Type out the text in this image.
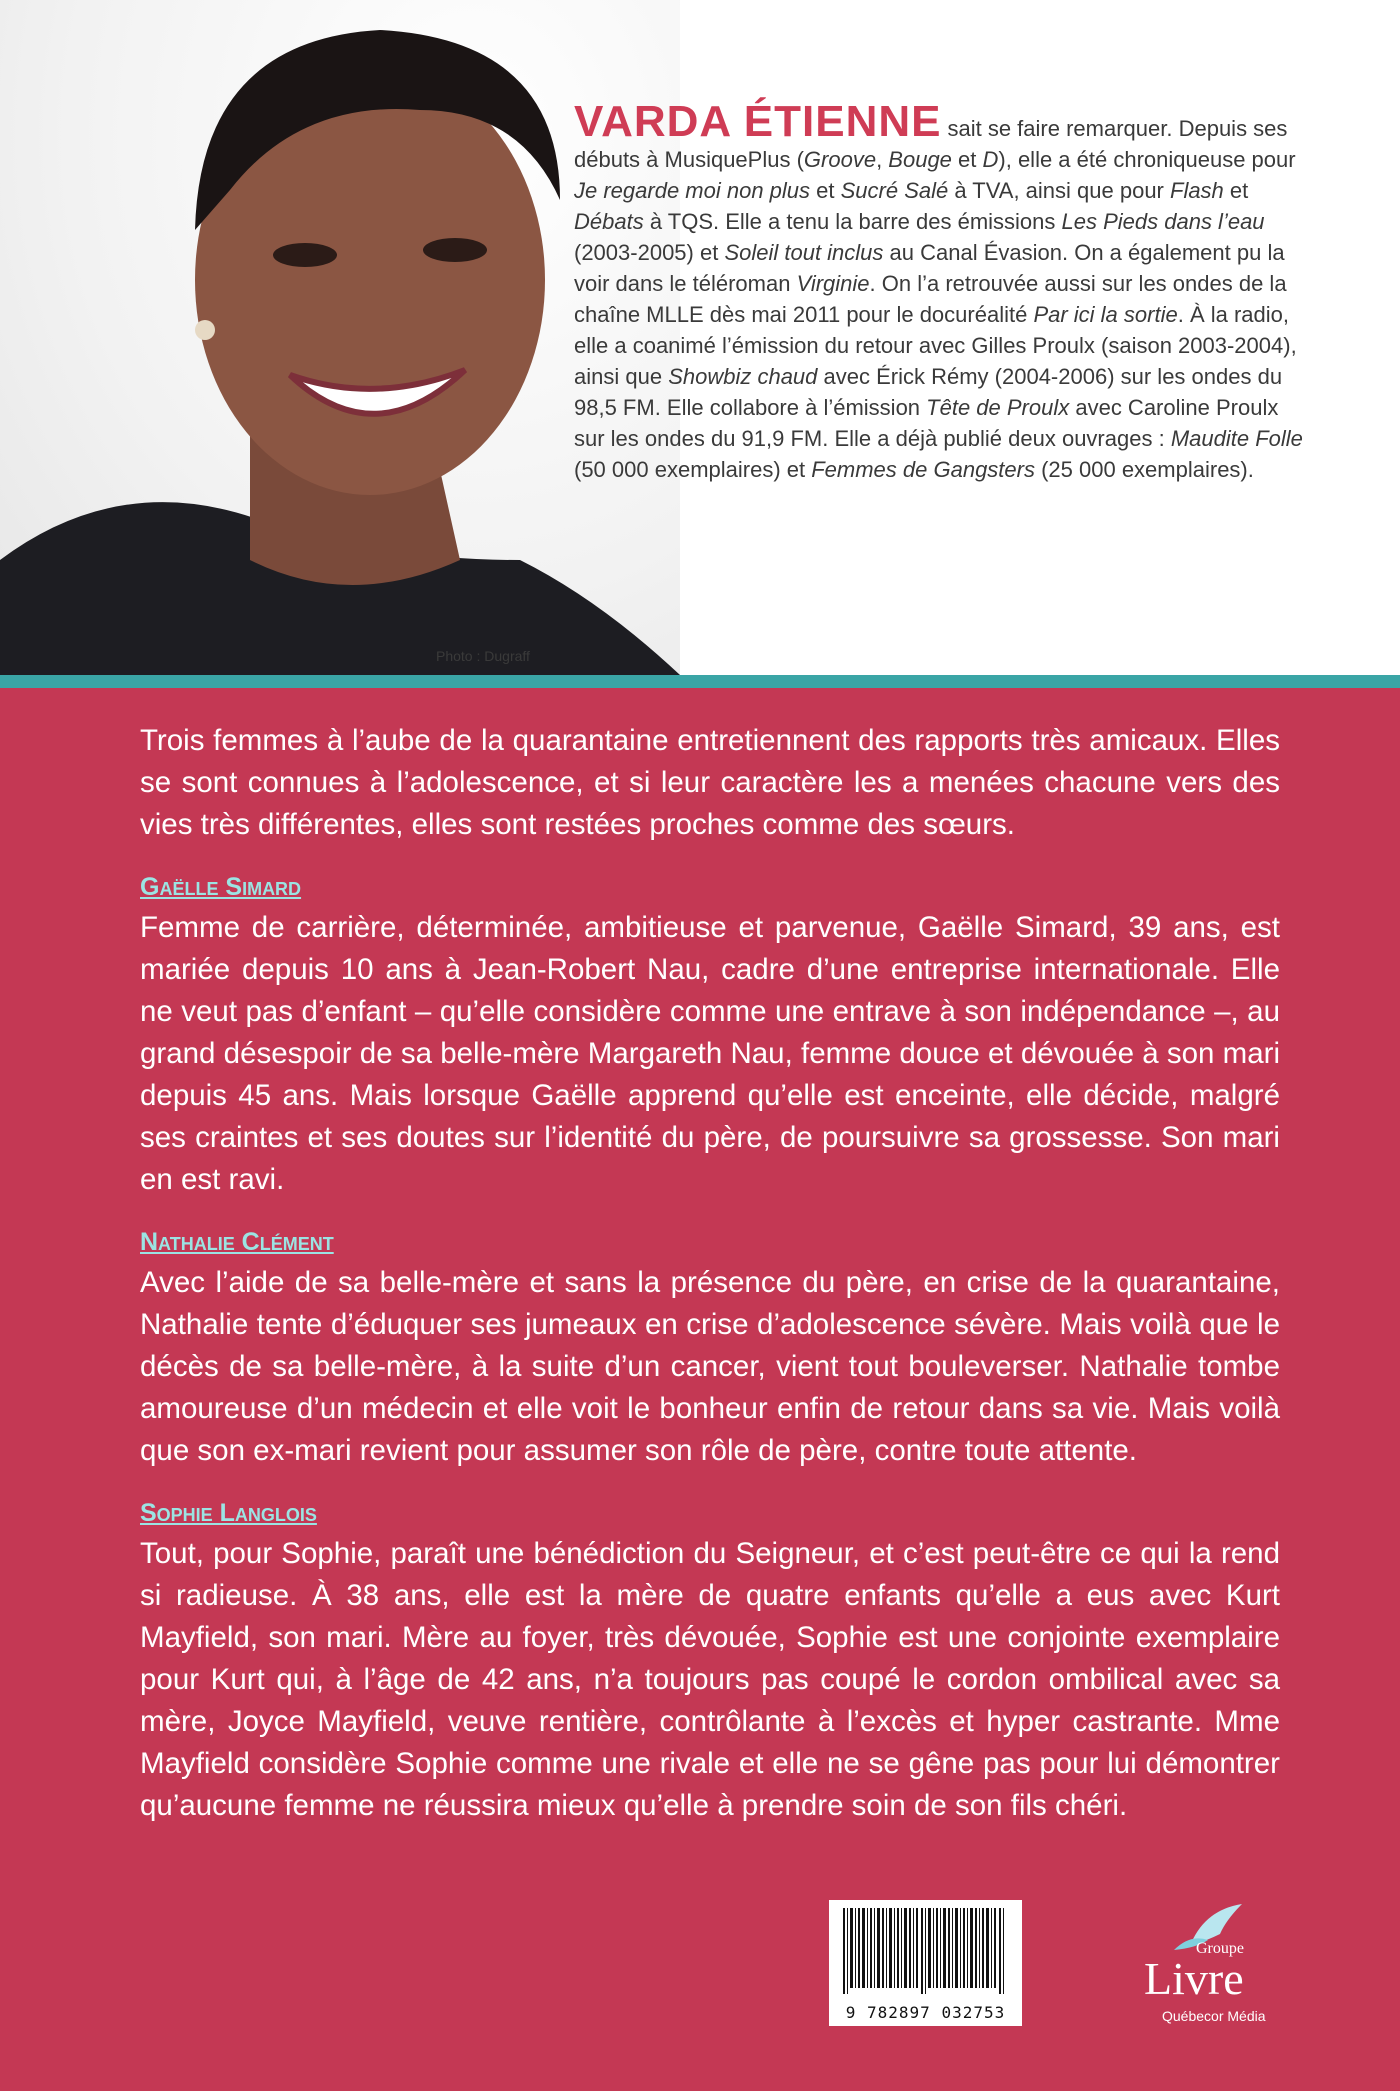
Photo : Dugraff
VARDA ÉTIENNE sait se faire remarquer. Depuis ses débuts à MusiquePlus (Groove, Bouge et D), elle a été chroniqueuse pour Je regarde moi non plus et Sucré Salé à TVA, ainsi que pour Flash et Débats à TQS. Elle a tenu la barre des émissions Les Pieds dans l’eau (2003-2005) et Soleil tout inclus au Canal Évasion. On a également pu la voir dans le téléroman Virginie. On l’a retrouvée aussi sur les ondes de la chaîne MLLE dès mai 2011 pour le docuréalité Par ici la sortie. À la radio, elle a coanimé l’émission du retour avec Gilles Proulx (saison 2003-2004), ainsi que Showbiz chaud avec Érick Rémy (2004-2006) sur les ondes du 98,5 FM. Elle collabore à l’émission Tête de Proulx avec Caroline Proulx sur les ondes du 91,9 FM. Elle a déjà publié deux ouvrages : Maudite Folle (50 000 exemplaires) et Femmes de Gangsters (25 000 exemplaires).

Trois femmes à l’aube de la quarantaine entretiennent des rapports très amicaux. Elles se sont connues à l’adolescence, et si leur caractère les a menées chacune vers des vies très différentes, elles sont restées proches comme des sœurs.

Gaëlle Simard

Femme de carrière, déterminée, ambitieuse et parvenue, Gaëlle Simard, 39 ans, est mariée depuis 10 ans à Jean-Robert Nau, cadre d’une entreprise internationale. Elle ne veut pas d’enfant – qu’elle considère comme une entrave à son indépendance –, au grand désespoir de sa belle-mère Margareth Nau, femme douce et dévouée à son mari depuis 45 ans. Mais lorsque Gaëlle apprend qu’elle est enceinte, elle décide, malgré ses craintes et ses doutes sur l’identité du père, de poursuivre sa grossesse. Son mari en est ravi.

Nathalie Clément

Avec l’aide de sa belle-mère et sans la présence du père, en crise de la quarantaine, Nathalie tente d’éduquer ses jumeaux en crise d’adolescence sévère. Mais voilà que le décès de sa belle-mère, à la suite d’un cancer, vient tout bouleverser. Nathalie tombe amoureuse d’un médecin et elle voit le bonheur enfin de retour dans sa vie. Mais voilà que son ex-mari revient pour assumer son rôle de père, contre toute attente.

Sophie Langlois

Tout, pour Sophie, paraît une bénédiction du Seigneur, et c’est peut-être ce qui la rend si radieuse. À 38 ans, elle est la mère de quatre enfants qu’elle a eus avec Kurt Mayfield, son mari. Mère au foyer, très dévouée, Sophie est une conjointe exemplaire pour Kurt qui, à l’âge de 42 ans, n’a toujours pas coupé le cordon ombilical avec sa mère, Joyce Mayfield, veuve rentière, contrôlante à l’excès et hyper castrante. Mme Mayfield considère Sophie comme une rivale et elle ne se gêne pas pour lui démontrer qu’aucune femme ne réussira mieux qu’elle à prendre soin de son fils chéri.

9 782897 032753
Groupe
Livre
Québecor Média
